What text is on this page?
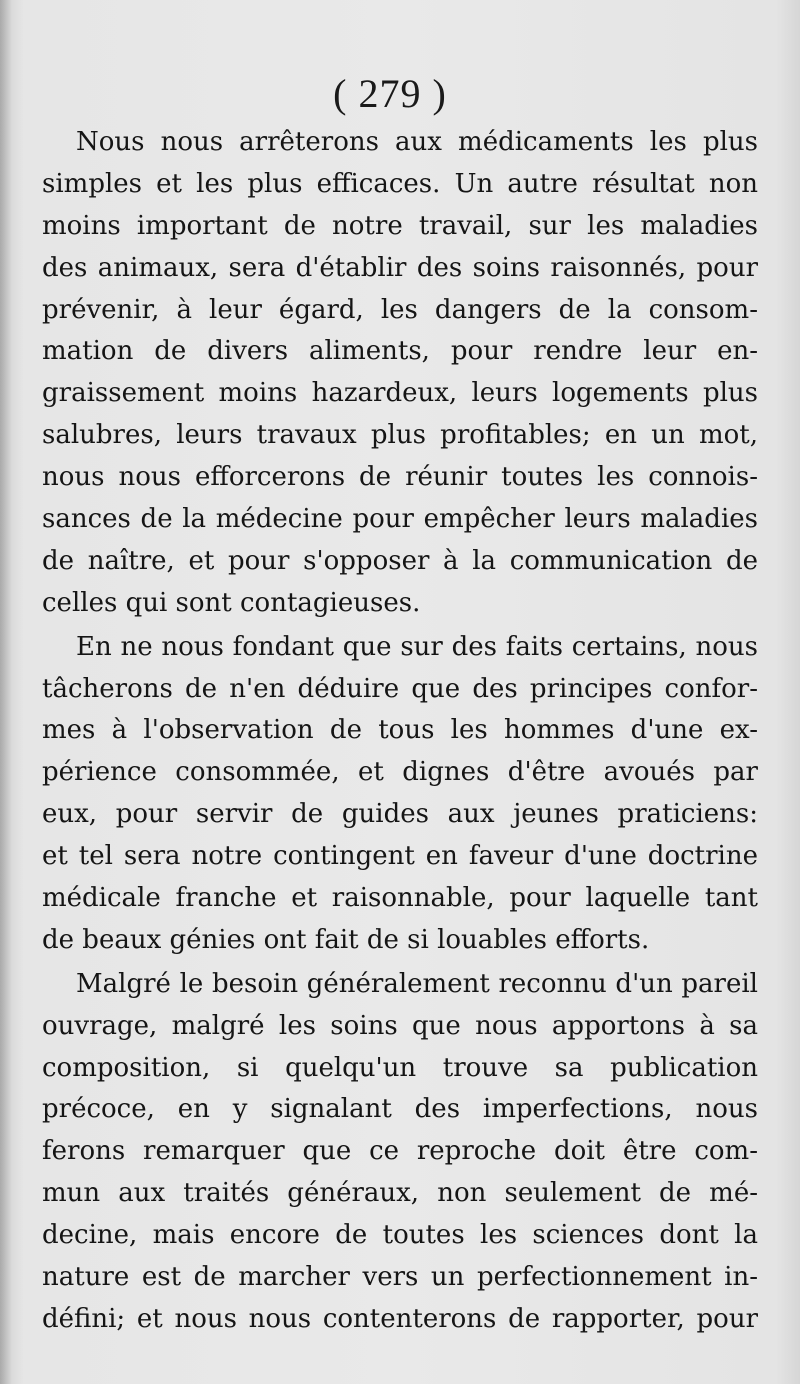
( 279 )
Nous nous arrêterons aux médicaments les plus
simples et les plus efficaces. Un autre résultat non
moins important de notre travail, sur les maladies
des animaux, sera d'établir des soins raisonnés, pour
prévenir, à leur égard, les dangers de la consom-
mation de divers aliments, pour rendre leur en-
graissement moins hazardeux, leurs logements plus
salubres, leurs travaux plus profitables; en un mot,
nous nous efforcerons de réunir toutes les connois-
sances de la médecine pour empêcher leurs maladies
de naître, et pour s'opposer à la communication de
celles qui sont contagieuses.
En ne nous fondant que sur des faits certains, nous
tâcherons de n'en déduire que des principes confor-
mes à l'observation de tous les hommes d'une ex-
périence consommée, et dignes d'être avoués par
eux, pour servir de guides aux jeunes praticiens:
et tel sera notre contingent en faveur d'une doctrine
médicale franche et raisonnable, pour laquelle tant
de beaux génies ont fait de si louables efforts.
Malgré le besoin généralement reconnu d'un pareil
ouvrage, malgré les soins que nous apportons à sa
composition, si quelqu'un trouve sa publication
précoce, en y signalant des imperfections, nous
ferons remarquer que ce reproche doit être com-
mun aux traités généraux, non seulement de mé-
decine, mais encore de toutes les sciences dont la
nature est de marcher vers un perfectionnement in-
défini; et nous nous contenterons de rapporter, pour
